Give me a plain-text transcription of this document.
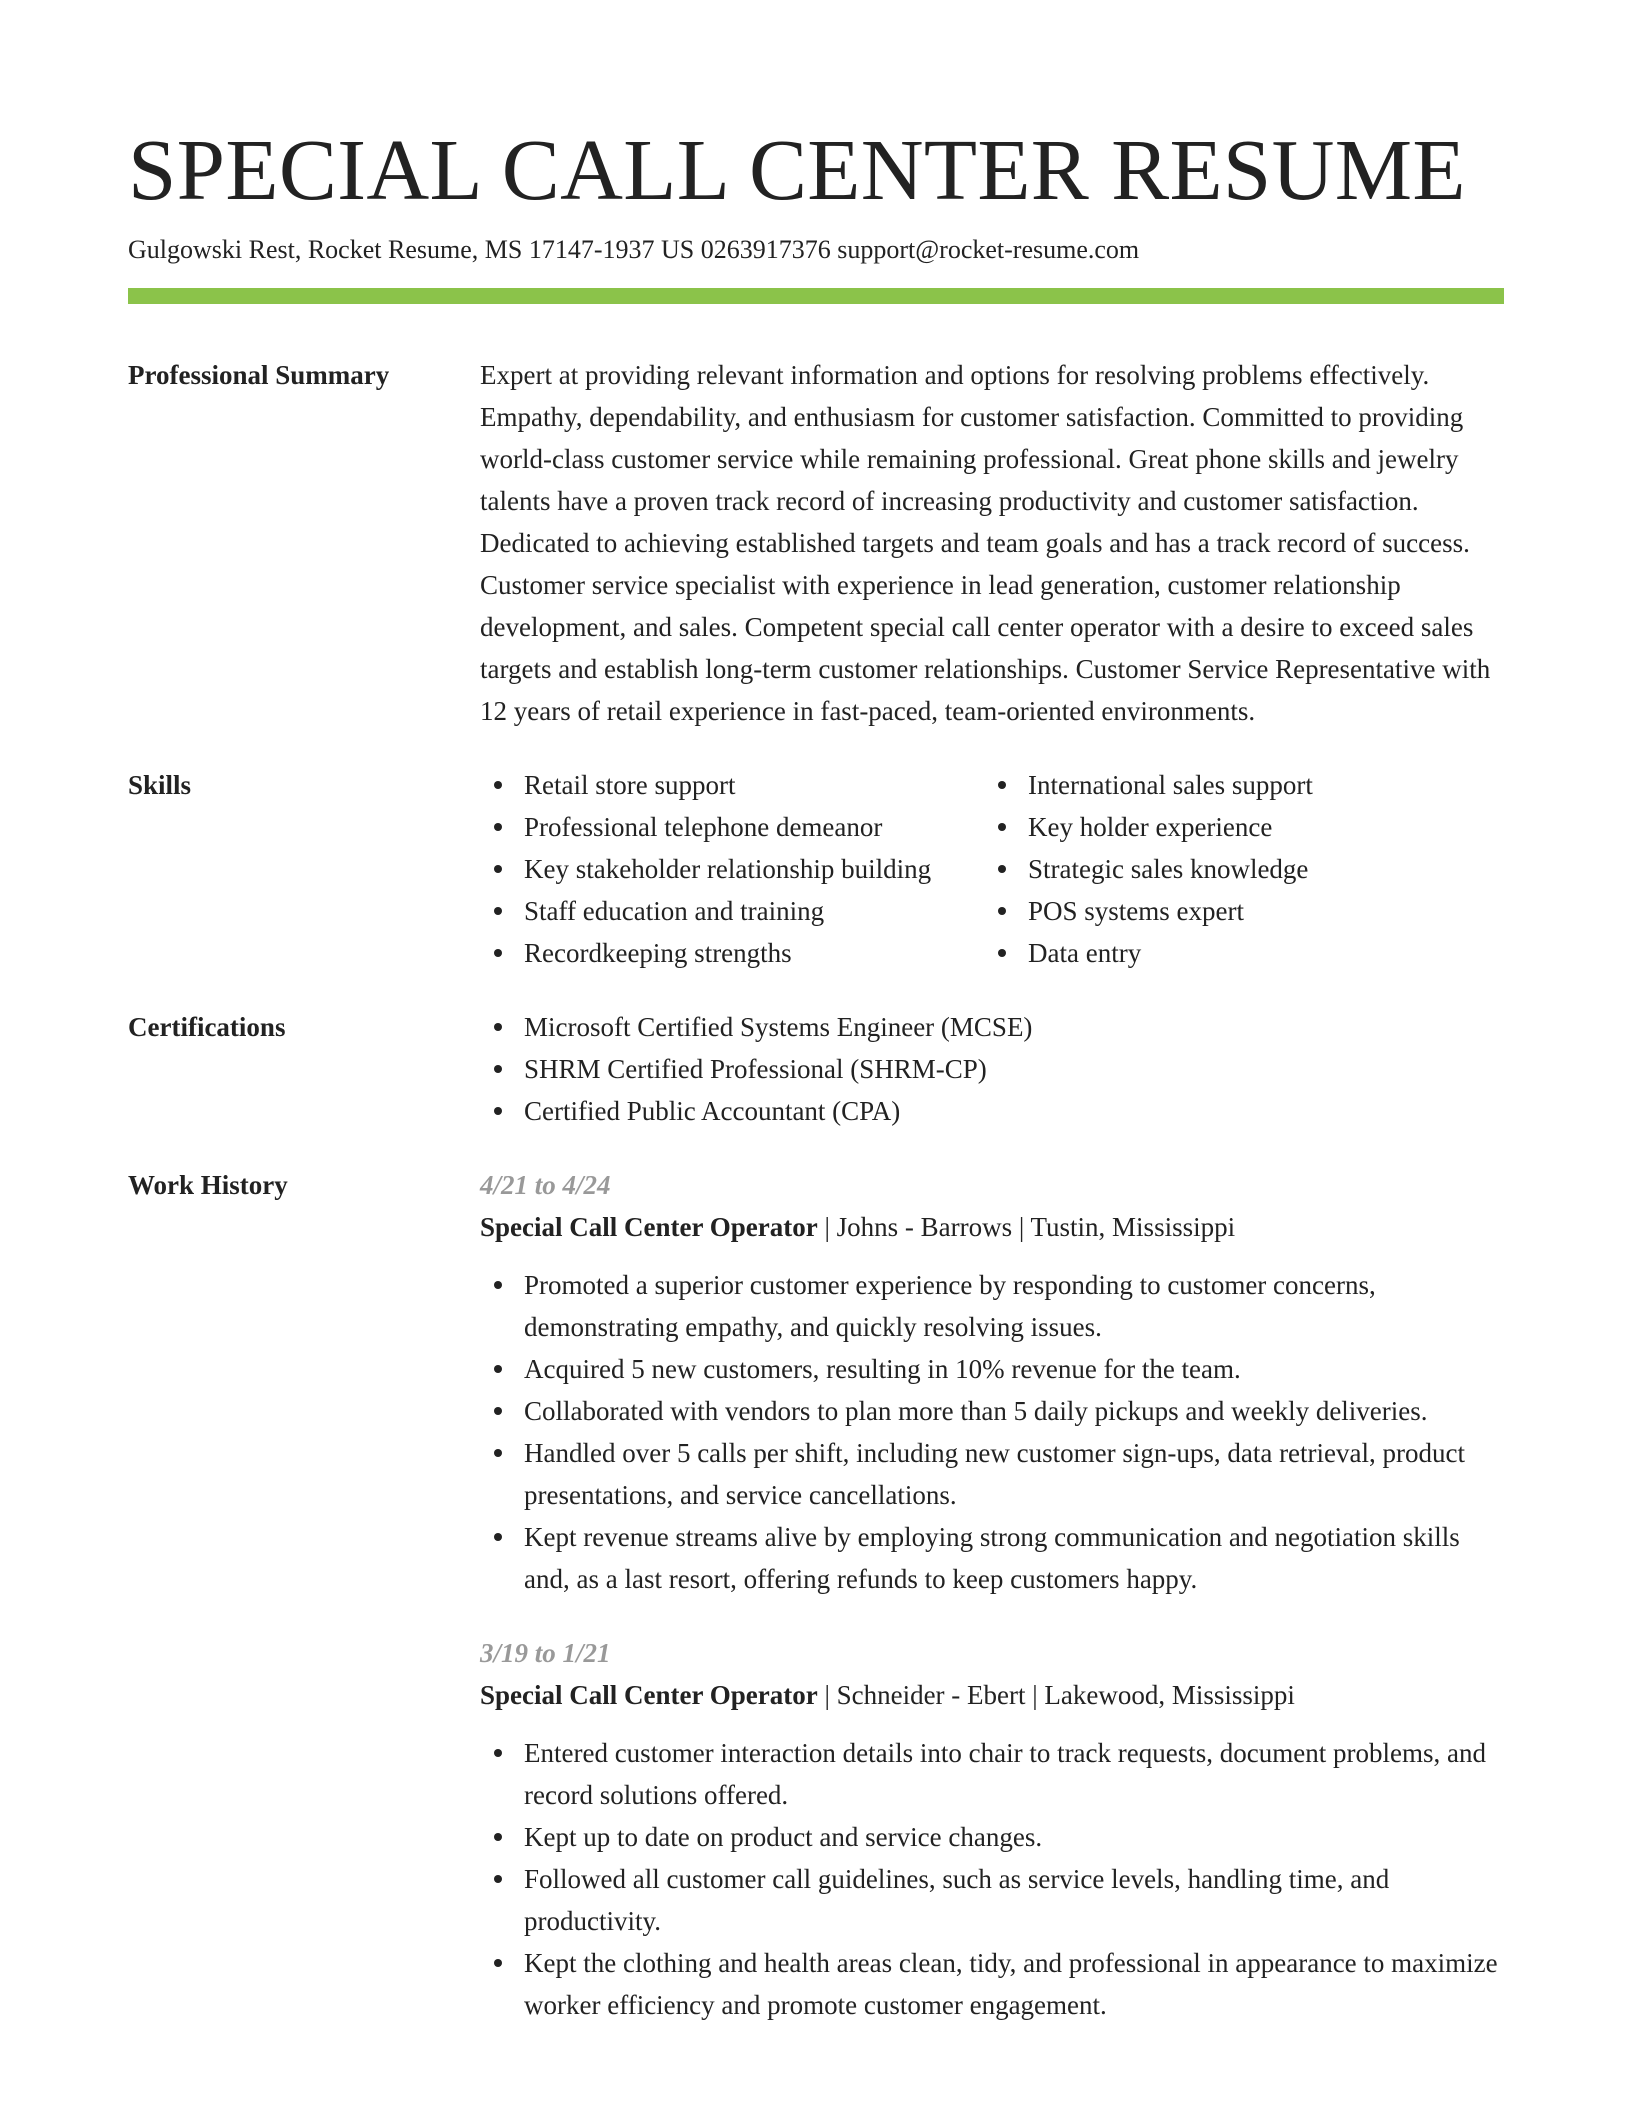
SPECIAL CALL CENTER RESUME
Gulgowski Rest, Rocket Resume, MS 17147-1937 US 0263917376 support@rocket-resume.com
Professional Summary	Expert at providing relevant information and options for resolving problems effectively. Empathy, dependability, and enthusiasm for customer satisfaction. Committed to providing world-class customer service while remaining professional. Great phone skills and jewelry talents have a proven track record of increasing productivity and customer satisfaction. Dedicated to achieving established targets and team goals and has a track record of success. Customer service specialist with experience in lead generation, customer relationship development, and sales. Competent special call center operator with a desire to exceed sales targets and establish long-term customer relationships. Customer Service Representative with 12 years of retail experience in fast-paced, team-oriented environments.
Skills	Retail store support
Professional telephone demeanor
Key stakeholder relationship building
Staff education and training
Recordkeeping strengths
International sales support
Key holder experience
Strategic sales knowledge
POS systems expert
Data entry
Certifications	Microsoft Certified Systems Engineer (MCSE)
SHRM Certified Professional (SHRM-CP)
Certified Public Accountant (CPA)
Work History	4/21 to 4/24
Special Call Center Operator | Johns - Barrows | Tustin, Mississippi
Promoted a superior customer experience by responding to customer concerns, demonstrating empathy, and quickly resolving issues.
Acquired 5 new customers, resulting in 10% revenue for the team.
Collaborated with vendors to plan more than 5 daily pickups and weekly deliveries.
Handled over 5 calls per shift, including new customer sign-ups, data retrieval, product presentations, and service cancellations.
Kept revenue streams alive by employing strong communication and negotiation skills and, as a last resort, offering refunds to keep customers happy.
3/19 to 1/21
Special Call Center Operator | Schneider - Ebert | Lakewood, Mississippi
Entered customer interaction details into chair to track requests, document problems, and record solutions offered.
Kept up to date on product and service changes.
Followed all customer call guidelines, such as service levels, handling time, and productivity.
Kept the clothing and health areas clean, tidy, and professional in appearance to maximize worker efficiency and promote customer engagement.
